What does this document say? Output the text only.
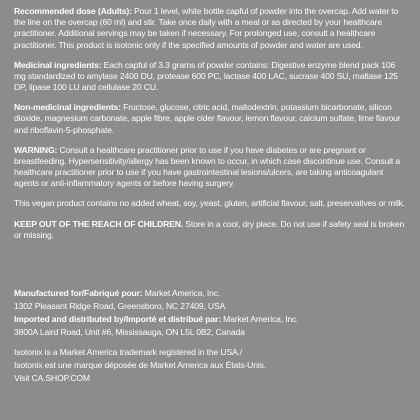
Recommended dose (Adults): Pour 1 level, white bottle capful of powder into the overcap. Add water to the line on the overcap (60 ml) and stir. Take once daily with a meal or as directed by your healthcare practitioner. Additional servings may be taken if necessary. For prolonged use, consult a healthcare practitioner. This product is isotonic only if the specified amounts of powder and water are used.

Medicinal ingredients: Each capful of 3.3 grams of powder contains: Digestive enzyme blend pack 106 mg standardized to amylase 2400 DU, protease 600 PC, lactase 400 LAC, sucrase 400 SU, maltase 125 DP, lipase 100 LU and cellulase 20 CU.

Non-medicinal ingredients: Fructose, glucose, citric acid, maltodextrin, potassium bicarbonate, silicon dioxide, magnesium carbonate, apple fibre, apple cider flavour, lemon flavour, calcium sulfate, lime flavour and riboflavin-5-phosphate.

WARNING: Consult a healthcare practitioner prior to use if you have diabetes or are pregnant or breastfeeding. Hypersensitivity/allergy has been known to occur, in which case discontinue use. Consult a healthcare practitioner prior to use if you have gastrointestinal lesions/ulcers, are taking anticoagulant agents or anti-inflammatory agents or before having surgery.

This vegan product contains no added wheat, soy, yeast, gluten, artificial flavour, salt, preservatives or milk.

KEEP OUT OF THE REACH OF CHILDREN. Store in a cool, dry place. Do not use if safety seal is broken or missing.

Manufactured for/Fabriqué pour: Market America, Inc.

1302 Pleasant Ridge Road, Greensboro, NC 27409, USA

Imported and distributed by/Importé et distribué par: Market America, Inc.

3800A Laird Road, Unit #6, Mississauga, ON L5L 0B2, Canada

Isotonix is a Market America trademark registered in the USA./

Isotonix est une marque déposée de Market America aux États-Unis.

Visit CA.SHOP.COM
